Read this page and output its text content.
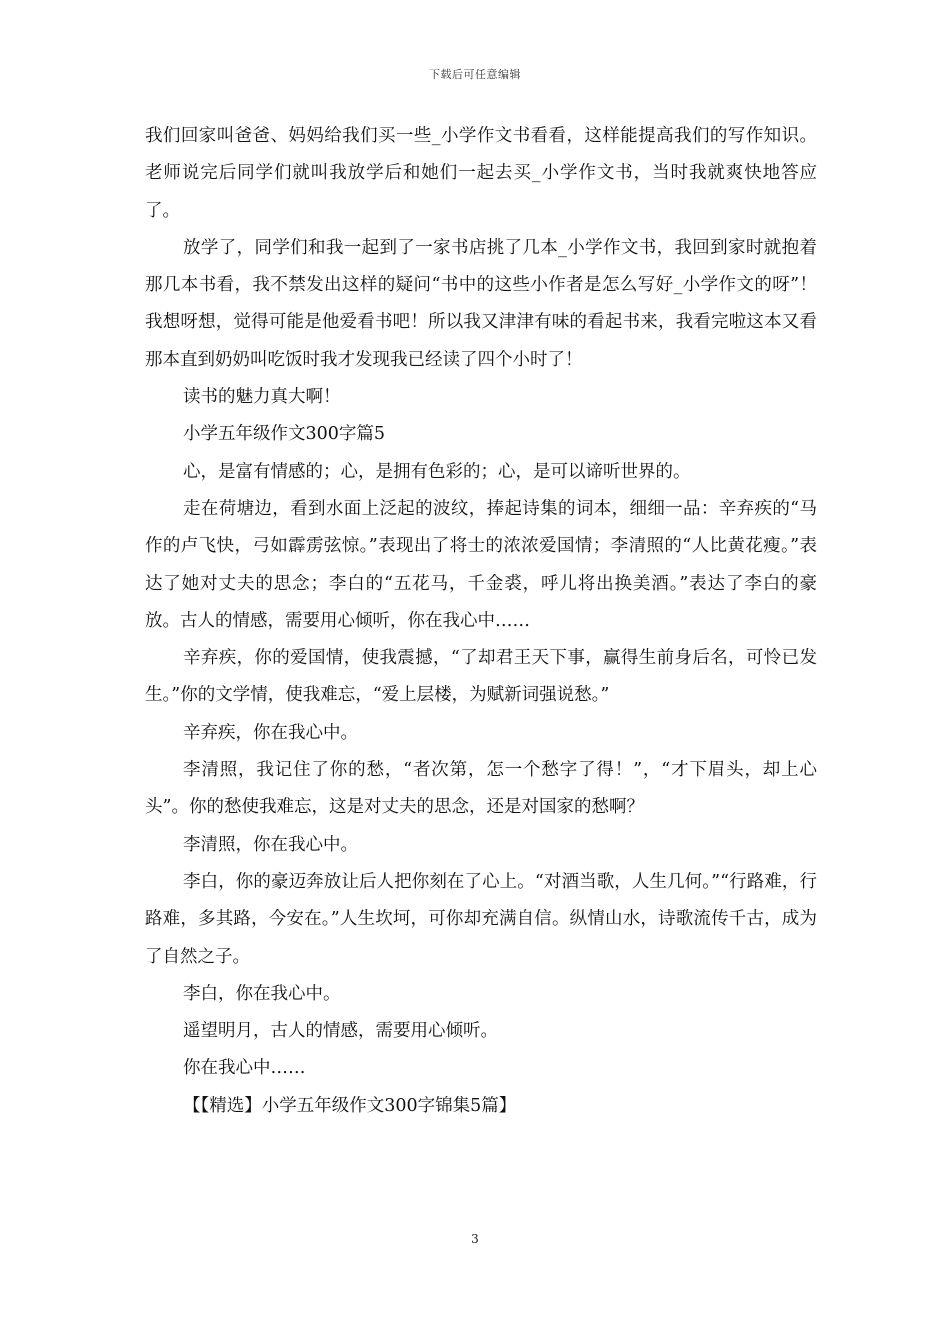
下载后可任意编辑

我们回家叫爸爸、妈妈给我们买一些_小学作文书看看，这样能提高我们的写作知识。老师说完后同学们就叫我放学后和她们一起去买_小学作文书，当时我就爽快地答应了。

放学了，同学们和我一起到了一家书店挑了几本_小学作文书，我回到家时就抱着那几本书看，我不禁发出这样的疑问“书中的这些小作者是怎么写好_小学作文的呀”！我想呀想，觉得可能是他爱看书吧！所以我又津津有味的看起书来，我看完啦这本又看那本直到奶奶叫吃饭时我才发现我已经读了四个小时了！

读书的魅力真大啊！

小学五年级作文300字篇5

心，是富有情感的；心，是拥有色彩的；心，是可以谛听世界的。

走在荷塘边，看到水面上泛起的波纹，捧起诗集的词本，细细一品：辛弃疾的“马作的卢飞快，弓如霹雳弦惊。”表现出了将士的浓浓爱国情；李清照的“人比黄花瘦。”表达了她对丈夫的思念；李白的“五花马，千金裘，呼儿将出换美酒。”表达了李白的豪放。古人的情感，需要用心倾听，你在我心中……

辛弃疾，你的爱国情，使我震撼，“了却君王天下事，赢得生前身后名，可怜已发生。”你的文学情，使我难忘，“爱上层楼，为赋新词强说愁。”

辛弃疾，你在我心中。

李清照，我记住了你的愁，“者次第，怎一个愁字了得！”，“才下眉头，却上心头”。你的愁使我难忘，这是对丈夫的思念，还是对国家的愁啊？

李清照，你在我心中。

李白，你的豪迈奔放让后人把你刻在了心上。“对酒当歌，人生几何。”“行路难，行路难，多其路，今安在。”人生坎坷，可你却充满自信。纵情山水，诗歌流传千古，成为了自然之子。

李白，你在我心中。

遥望明月，古人的情感，需要用心倾听。

你在我心中……

【【精选】小学五年级作文300字锦集5篇】

3
